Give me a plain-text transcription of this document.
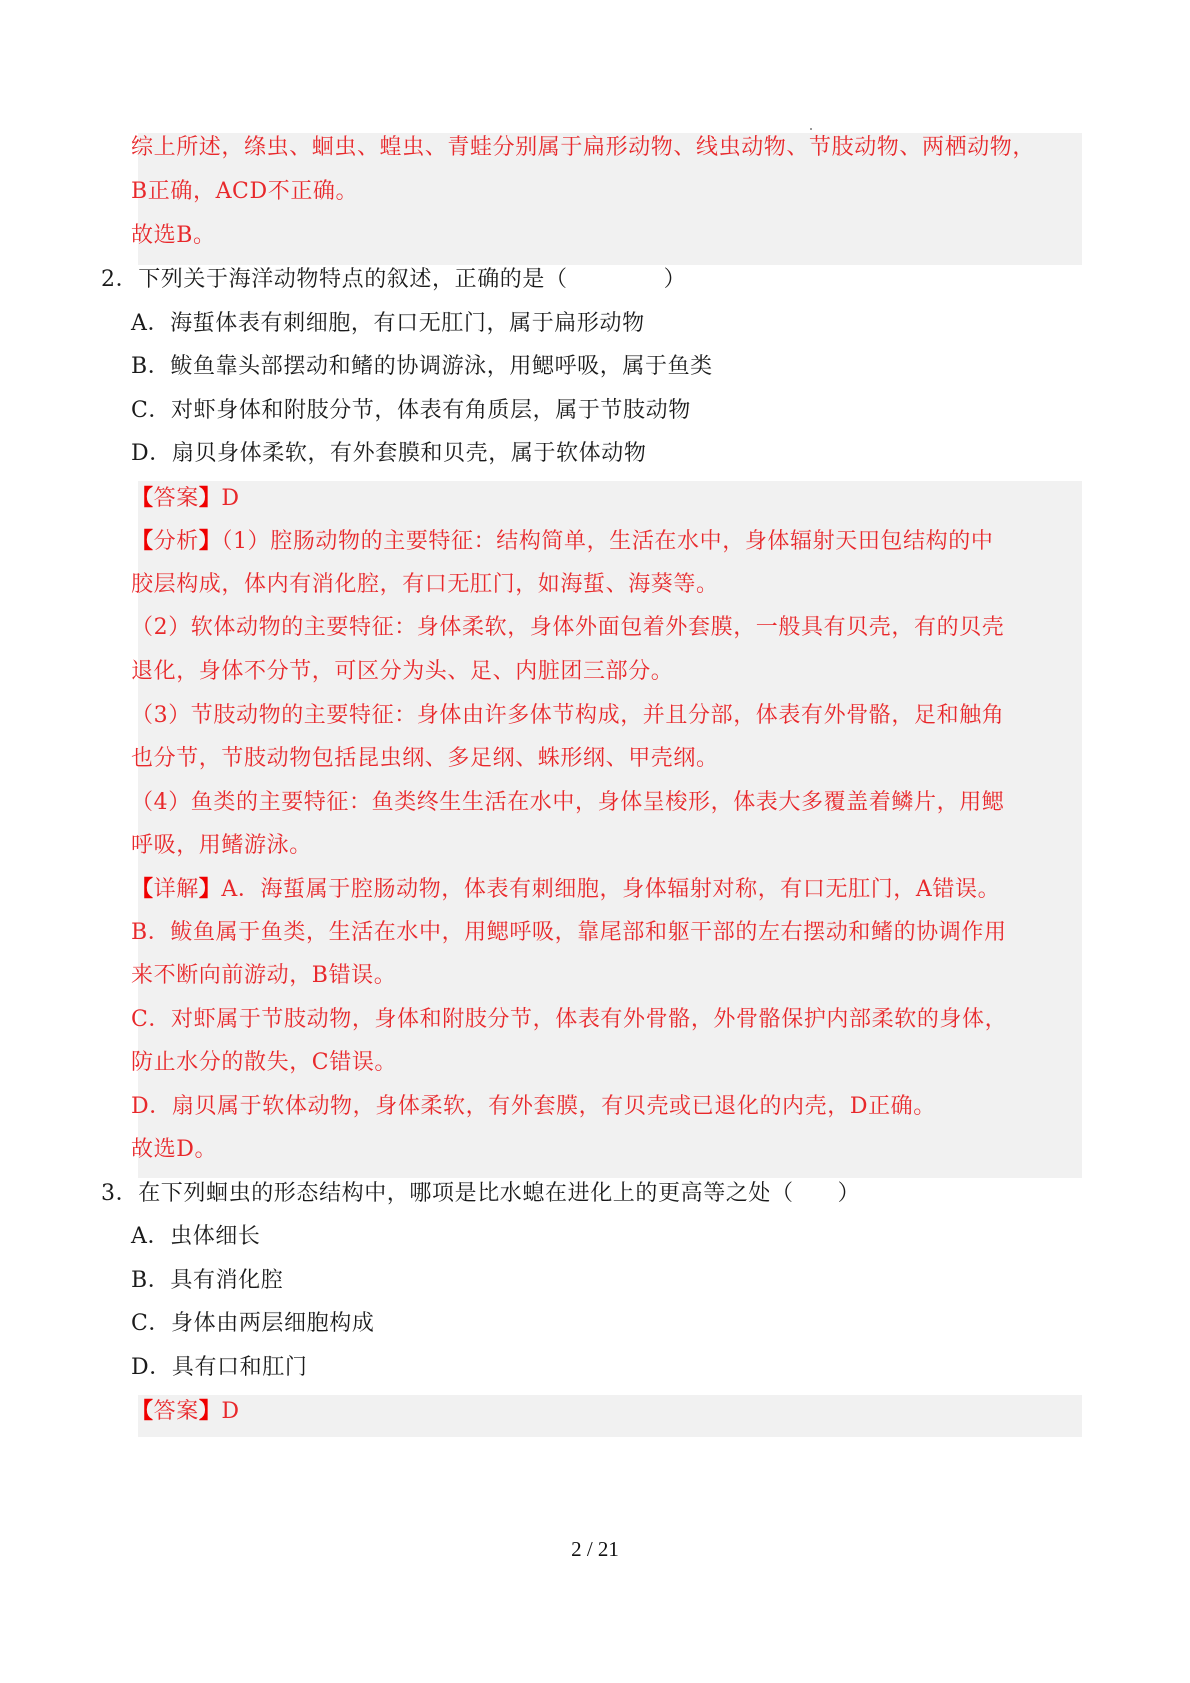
综上所述，绦虫、蛔虫、蝗虫、青蛙分别属于扁形动物、线虫动物、节肢动物、两栖动物，
B正确，ACD不正确。
故选B。
2．下列关于海洋动物特点的叙述，正确的是（	）
A．海蜇体表有刺细胞，有口无肛门，属于扁形动物
B．鲅鱼靠头部摆动和鳍的协调游泳，用鳃呼吸，属于鱼类
C．对虾身体和附肢分节，体表有角质层，属于节肢动物
D．扇贝身体柔软，有外套膜和贝壳，属于软体动物
【答案】D
【分析】（1）腔肠动物的主要特征：结构简单，生活在水中，身体辐射天田包结构的中
胶层构成，体内有消化腔，有口无肛门，如海蜇、海葵等。
（2）软体动物的主要特征：身体柔软，身体外面包着外套膜，一般具有贝壳，有的贝壳
退化，身体不分节，可区分为头、足、内脏团三部分。
（3）节肢动物的主要特征：身体由许多体节构成，并且分部，体表有外骨骼，足和触角
也分节，节肢动物包括昆虫纲、多足纲、蛛形纲、甲壳纲。
（4）鱼类的主要特征：鱼类终生生活在水中，身体呈梭形，体表大多覆盖着鳞片，用鳃
呼吸，用鳍游泳。
【详解】A．海蜇属于腔肠动物，体表有刺细胞，身体辐射对称，有口无肛门，A错误。
B．鲅鱼属于鱼类，生活在水中，用鳃呼吸，靠尾部和躯干部的左右摆动和鳍的协调作用
来不断向前游动，B错误。
C．对虾属于节肢动物，身体和附肢分节，体表有外骨骼，外骨骼保护内部柔软的身体，
防止水分的散失，C错误。
D．扇贝属于软体动物，身体柔软，有外套膜，有贝壳或已退化的内壳，D正确。
故选D。
3．在下列蛔虫的形态结构中，哪项是比水螅在进化上的更高等之处（ ）
A．虫体细长
B．具有消化腔
C．身体由两层细胞构成
D．具有口和肛门
【答案】D
2 / 21
